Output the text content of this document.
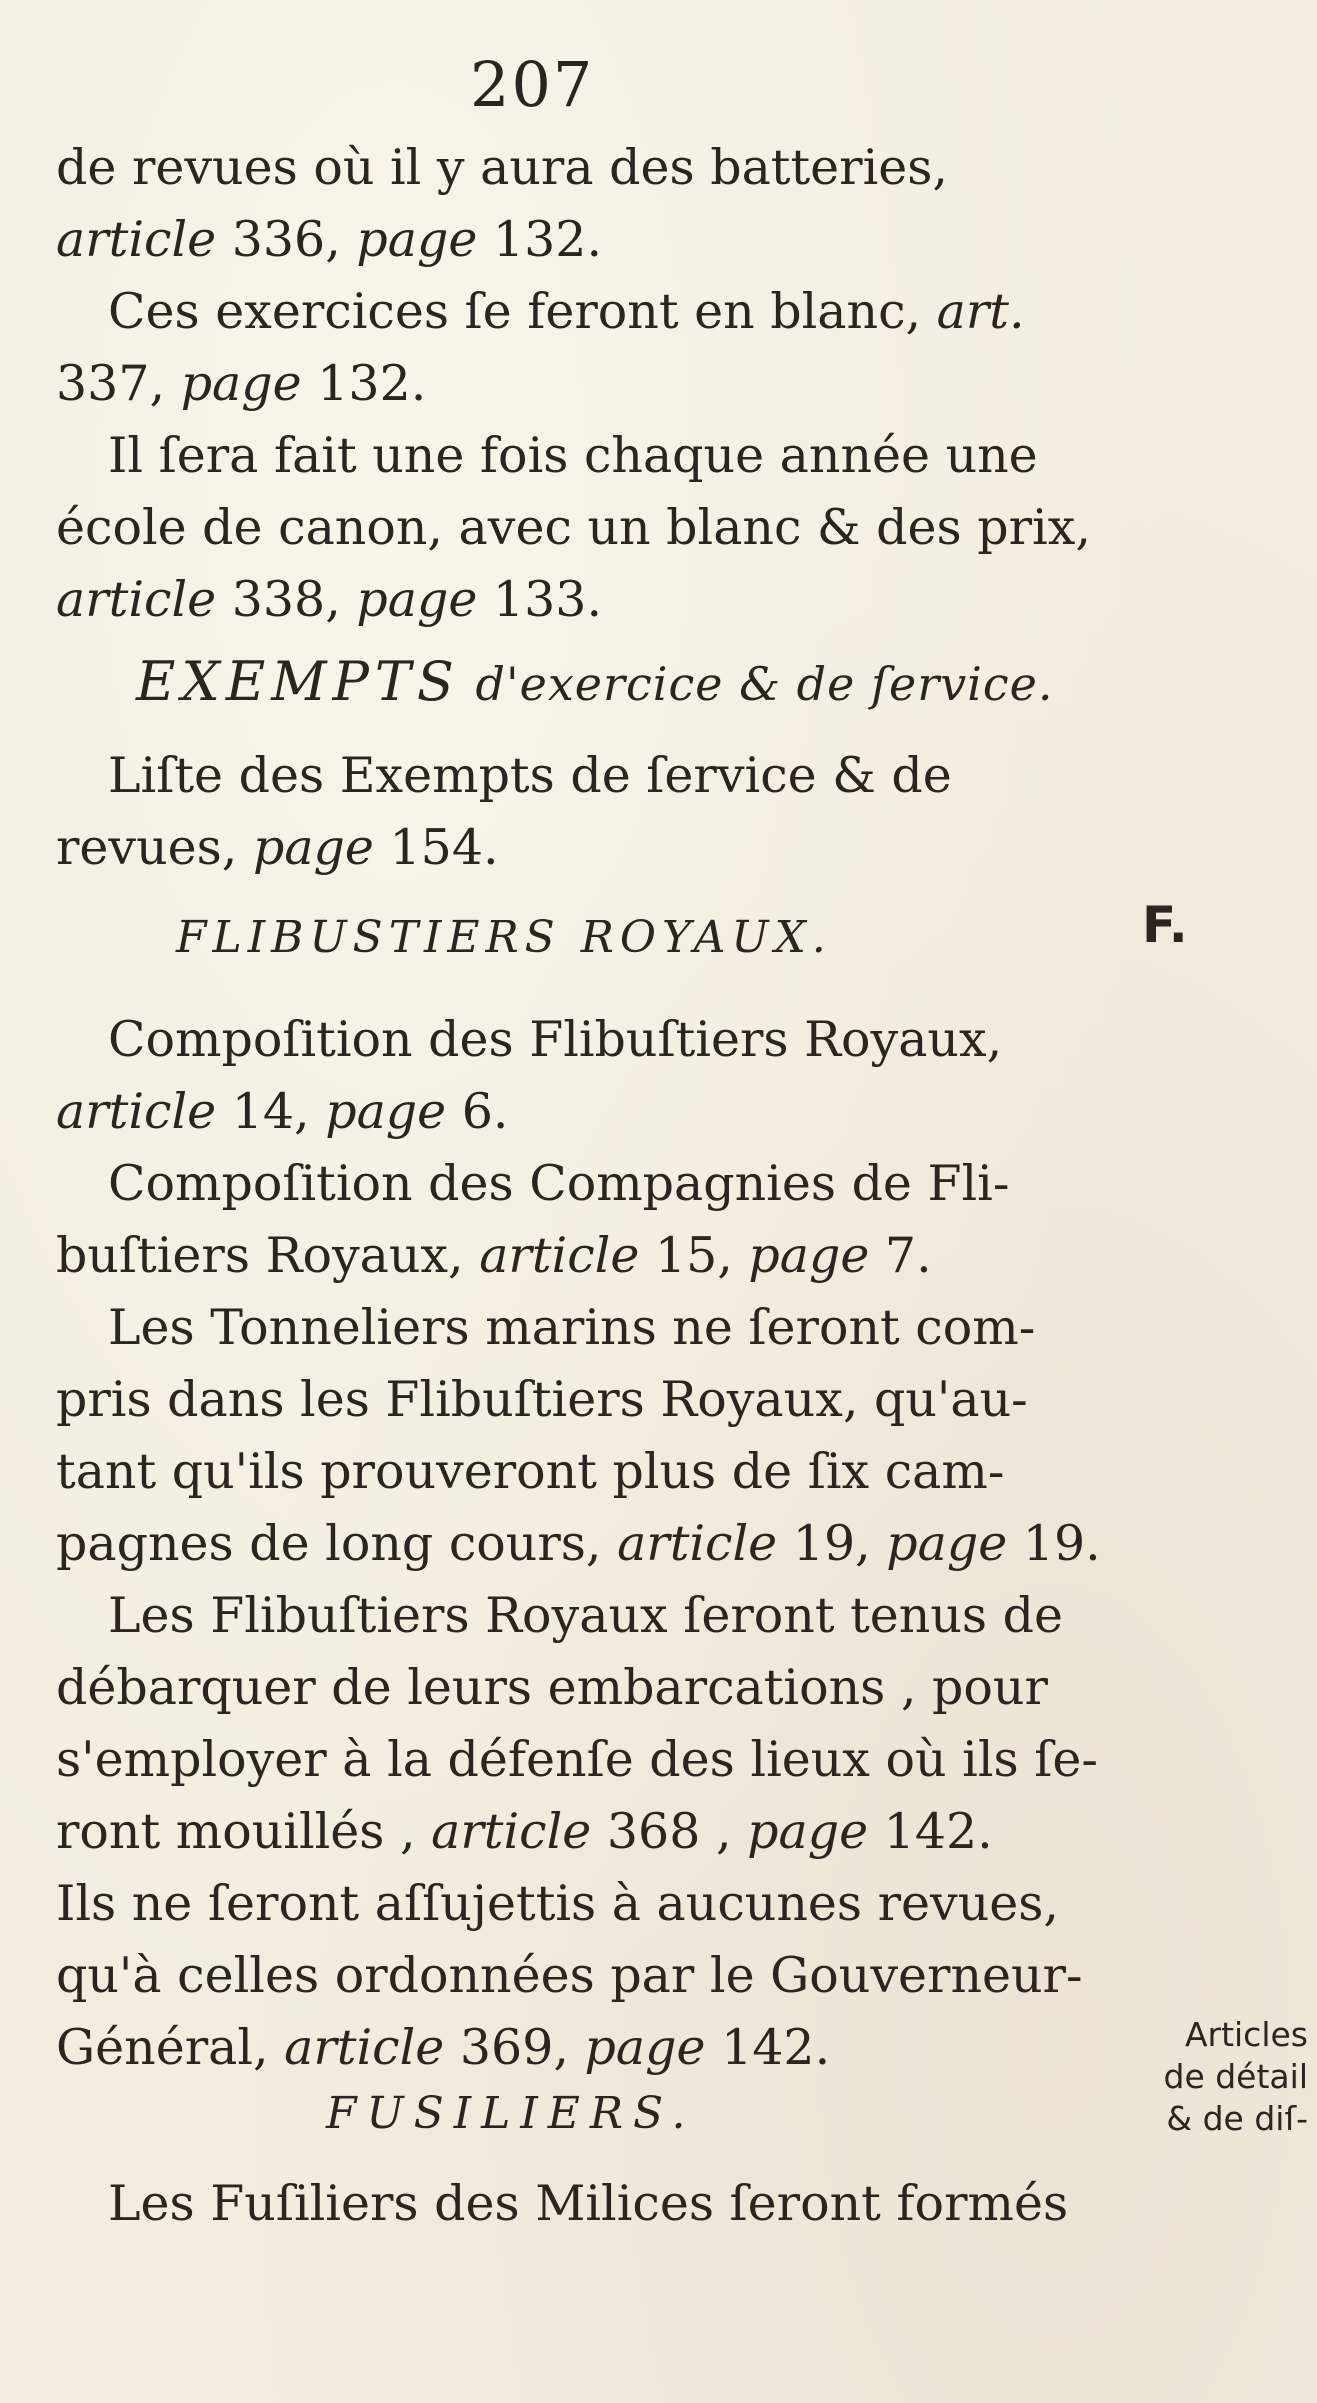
207
de revues où il y aura des batteries,
article 336, page 132.
Ces exercices ſe feront en blanc, art.
337, page 132.
Il ſera fait une fois chaque année une
école de canon, avec un blanc & des prix,
article 338, page 133.
EXEMPTS d'exercice & de ſervice.
Liſte des Exempts de ſervice & de
revues, page 154.
FLIBUSTIERS ROYAUX.
Compoſition des Flibuſtiers Royaux,
article 14, page 6.
Compoſition des Compagnies de Fli-
buſtiers Royaux, article 15, page 7.
Les Tonneliers marins ne ſeront com-
pris dans les Flibuſtiers Royaux, qu'au-
tant qu'ils prouveront plus de ſix cam-
pagnes de long cours, article 19, page 19.
Les Flibuſtiers Royaux ſeront tenus de
débarquer de leurs embarcations , pour
s'employer à la défenſe des lieux où ils ſe-
ront mouillés , article 368 , page 142.
Ils ne ſeront aſſujettis à aucunes revues,
qu'à celles ordonnées par le Gouverneur-
Général, article 369, page 142.
FUSILIERS.
Les Fuſiliers des Milices ſeront formés
F.
Articles
de détail
& de diſ-
